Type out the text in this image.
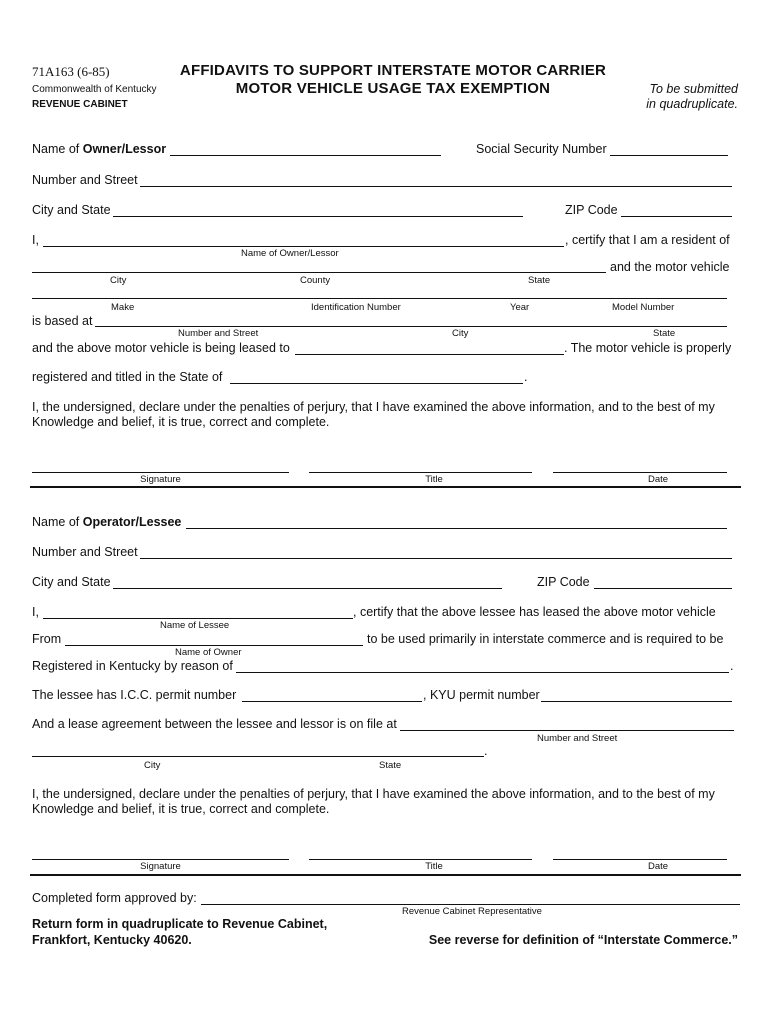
71A163 (6-85)
Commonwealth of Kentucky
REVENUE CABINET
AFFIDAVITS TO SUPPORT INTERSTATE MOTOR CARRIER
MOTOR VEHICLE USAGE TAX EXEMPTION	To be submitted
in quadruplicate.
Name of Owner/Lessor	Social Security Number
Number and Street
City and State	ZIP Code
I,	, certify that I am a resident of
Name of Owner/Lessor
and the motor vehicle
City	County	State
Make	Identification Number	Year	Model Number
is based at
Number and Street	City	State
and the above motor vehicle is being leased to	. The motor vehicle is properly
registered and titled in the State of	.
I, the undersigned, declare under the penalties of perjury, that I have examined the above information, and to the best of my
Knowledge and belief, it is true, correct and complete.
Signature	Title	Date
Name of Operator/Lessee
Number and Street
City and State	ZIP Code
I,	, certify that the above lessee has leased the above motor vehicle
Name of Lessee
From	to be used primarily in interstate commerce and is required to be
Name of Owner
Registered in Kentucky by reason of	.
The lessee has I.C.C. permit number	, KYU permit number
And a lease agreement between the lessee and lessor is on file at
Number and Street
.
City	State
I, the undersigned, declare under the penalties of perjury, that I have examined the above information, and to the best of my
Knowledge and belief, it is true, correct and complete.
Signature	Title	Date
Completed form approved by:
Revenue Cabinet Representative
Return form in quadruplicate to Revenue Cabinet,
Frankfort, Kentucky 40620.	See reverse for definition of “Interstate Commerce.”
